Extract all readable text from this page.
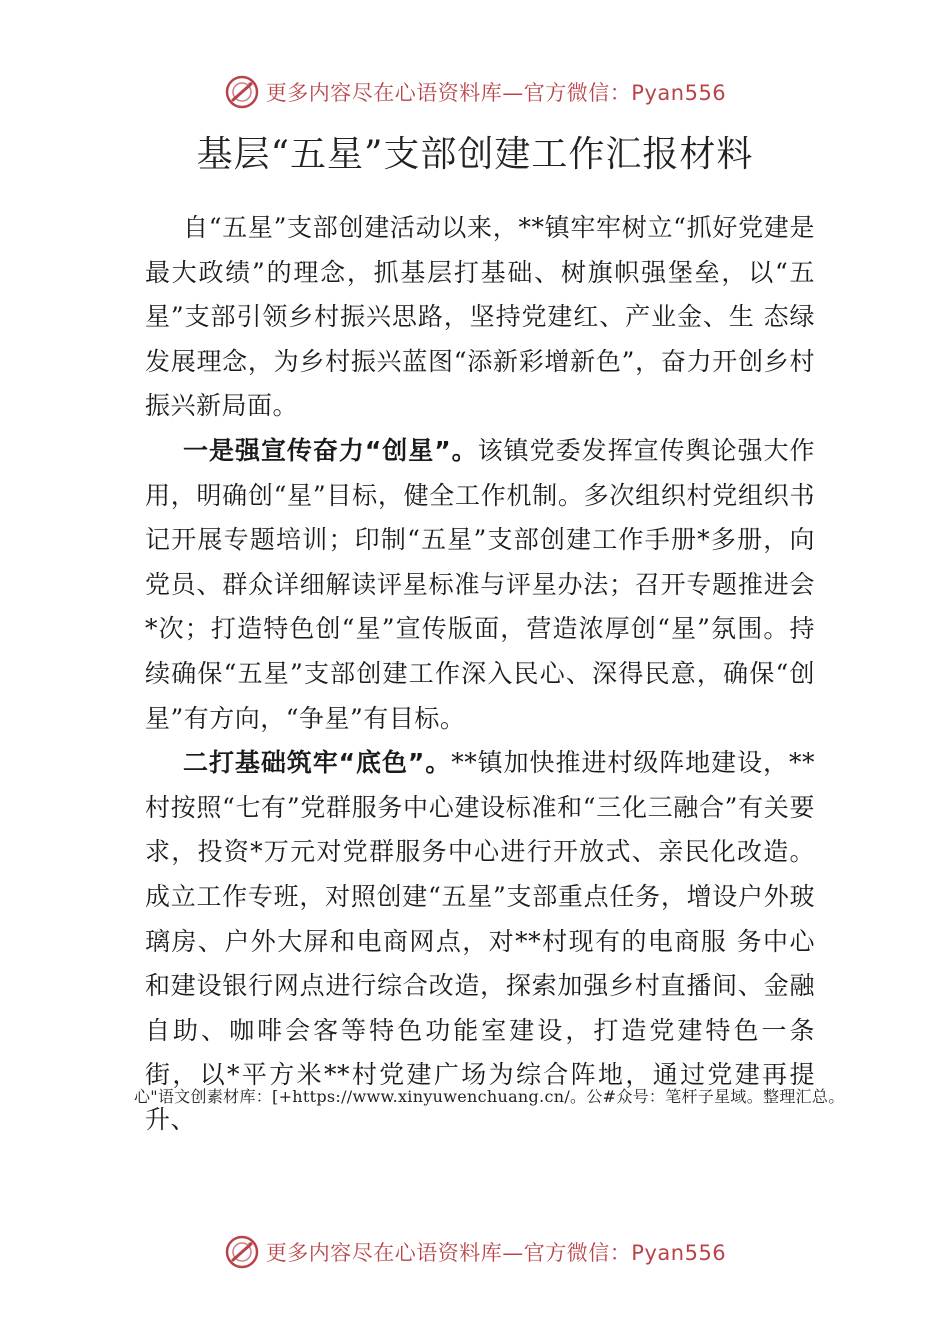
更多内容尽在心语资料库—官方微信：Pyan556
基层“五星”支部创建工作汇报材料

自“五星”支部创建活动以来，**镇牢牢树立“抓好党建是最大政绩”的理念，抓基层打基础、树旗帜强堡垒，以“五星”支部引领乡村振兴思路，坚持党建红、产业金、生 态绿发展理念，为乡村振兴蓝图“添新彩增新色”，奋力开创乡村振兴新局面。

一是强宣传奋力“创星”。该镇党委发挥宣传舆论强大作用，明确创“星”目标，健全工作机制。多次组织村党组织书记开展专题培训；印制“五星”支部创建工作手册*多册，向党员、群众详细解读评星标准与评星办法；召开专题推进会*次；打造特色创“星”宣传版面，营造浓厚创“星”氛围。持续确保“五星”支部创建工作深入民心、深得民意，确保“创星”有方向，“争星”有目标。

二打基础筑牢“底色”。**镇加快推进村级阵地建设，**村按照“七有”党群服务中心建设标准和“三化三融合”有关要求，投资*万元对党群服务中心进行开放式、亲民化改造。成立工作专班，对照创建“五星”支部重点任务，增设户外玻璃房、户外大屏和电商网点，对**村现有的电商服 务中心和建设银行网点进行综合改造，探索加强乡村直播间、金融自助、咖啡会客等特色功能室建设，打造党建特色一条 街，以*平方米**村党建广场为综合阵地，通过党建再提升、

心"语文创素材库：[+https://www.xinyuwenchuang.cn/。公#众号：笔杆子星域。整理汇总。
更多内容尽在心语资料库—官方微信：Pyan556
